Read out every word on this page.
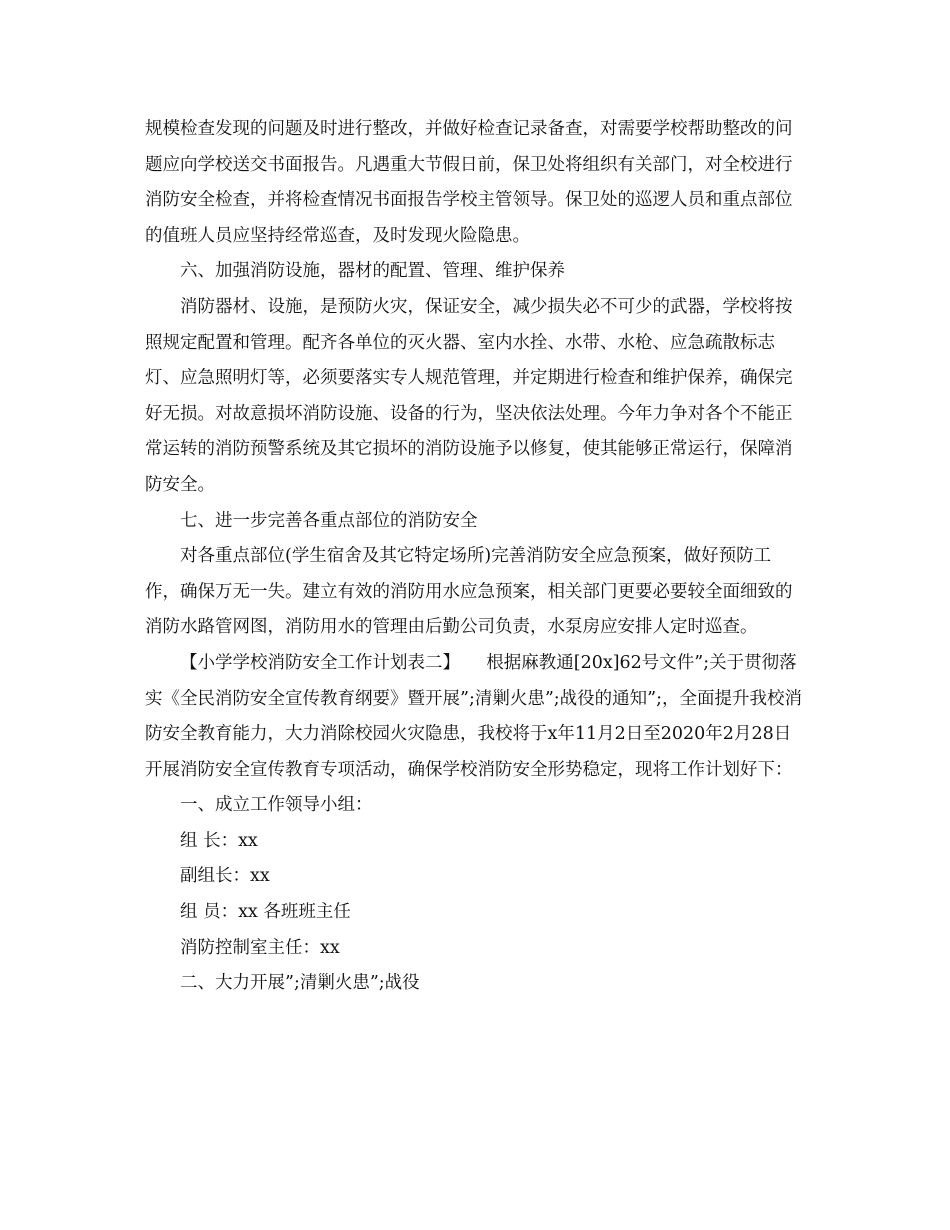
规模检查发现的问题及时进行整改，并做好检查记录备查，对需要学校帮助整改的问题应向学校送交书面报告。凡遇重大节假日前，保卫处将组织有关部门，对全校进行消防安全检查，并将检查情况书面报告学校主管领导。保卫处的巡逻人员和重点部位的值班人员应坚持经常巡查，及时发现火险隐患。

六、加强消防设施，器材的配置、管理、维护保养

消防器材、设施，是预防火灾，保证安全，减少损失必不可少的武器，学校将按照规定配置和管理。配齐各单位的灭火器、室内水拴、水带、水枪、应急疏散标志灯、应急照明灯等，必须要落实专人规范管理，并定期进行检查和维护保养，确保完好无损。对故意损坏消防设施、设备的行为，坚决依法处理。今年力争对各个不能正常运转的消防预警系统及其它损坏的消防设施予以修复，使其能够正常运行，保障消防安全。

七、进一步完善各重点部位的消防安全

对各重点部位(学生宿舍及其它特定场所)完善消防安全应急预案，做好预防工作，确保万无一失。建立有效的消防用水应急预案，相关部门更要必要较全面细致的消防水路管网图，消防用水的管理由后勤公司负责，水泵房应安排人定时巡查。

【小学学校消防安全工作计划表二】　　根据麻教通[20x]62号文件”;关于贯彻落实《全民消防安全宣传教育纲要》暨开展”;清剿火患”;战役的通知”;，全面提升我校消防安全教育能力，大力消除校园火灾隐患，我校将于x年11月2日至2020年2月28日开展消防安全宣传教育专项活动，确保学校消防安全形势稳定，现将工作计划好下：

一、成立工作领导小组：

组 长：xx

副组长：xx

组 员：xx 各班班主任

消防控制室主任：xx

二、大力开展”;清剿火患”;战役
